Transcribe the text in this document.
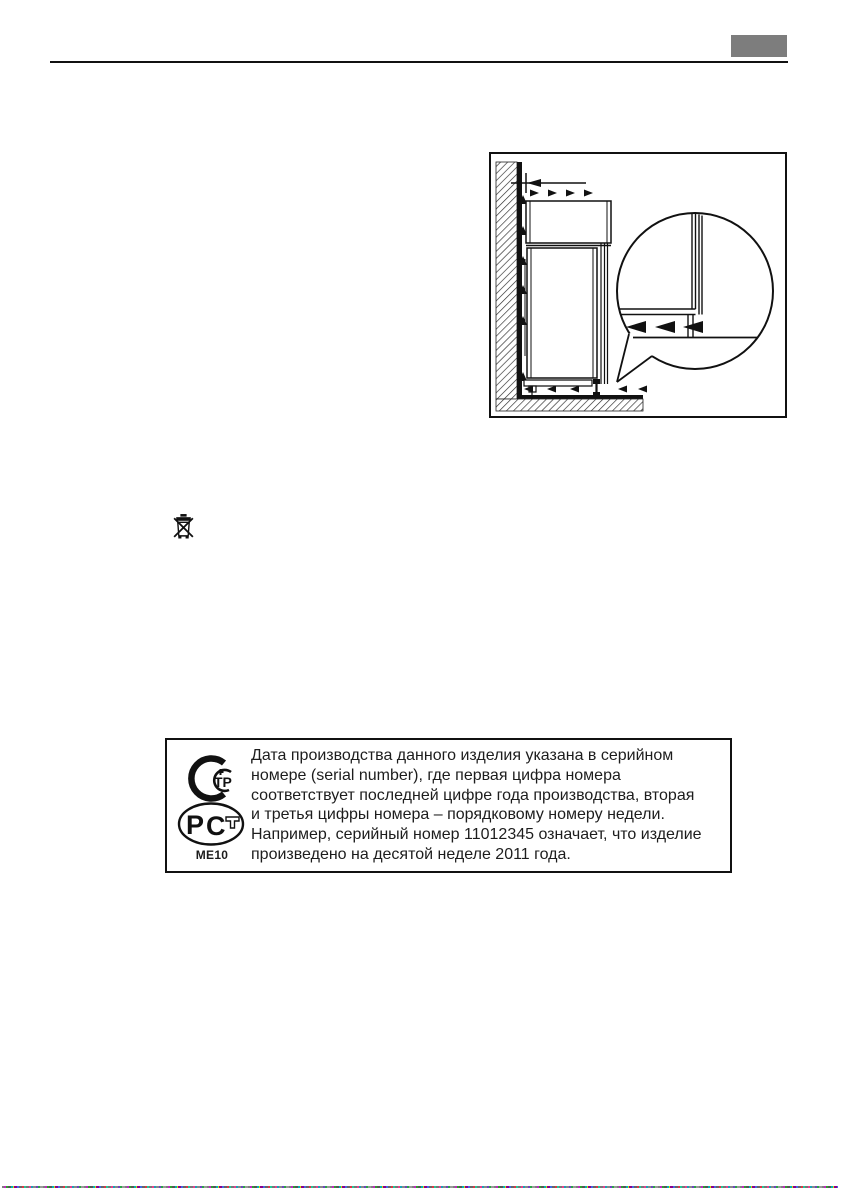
ТР
Р С
ME10
Дата производства данного изделия указана в серийном
номере (serial number), где первая цифра номера
соответствует последней цифре года производства, вторая
и третья цифры номера – порядковому номеру недели.
Например, серийный номер 11012345 означает, что изделие
произведено на десятой неделе 2011 года.
